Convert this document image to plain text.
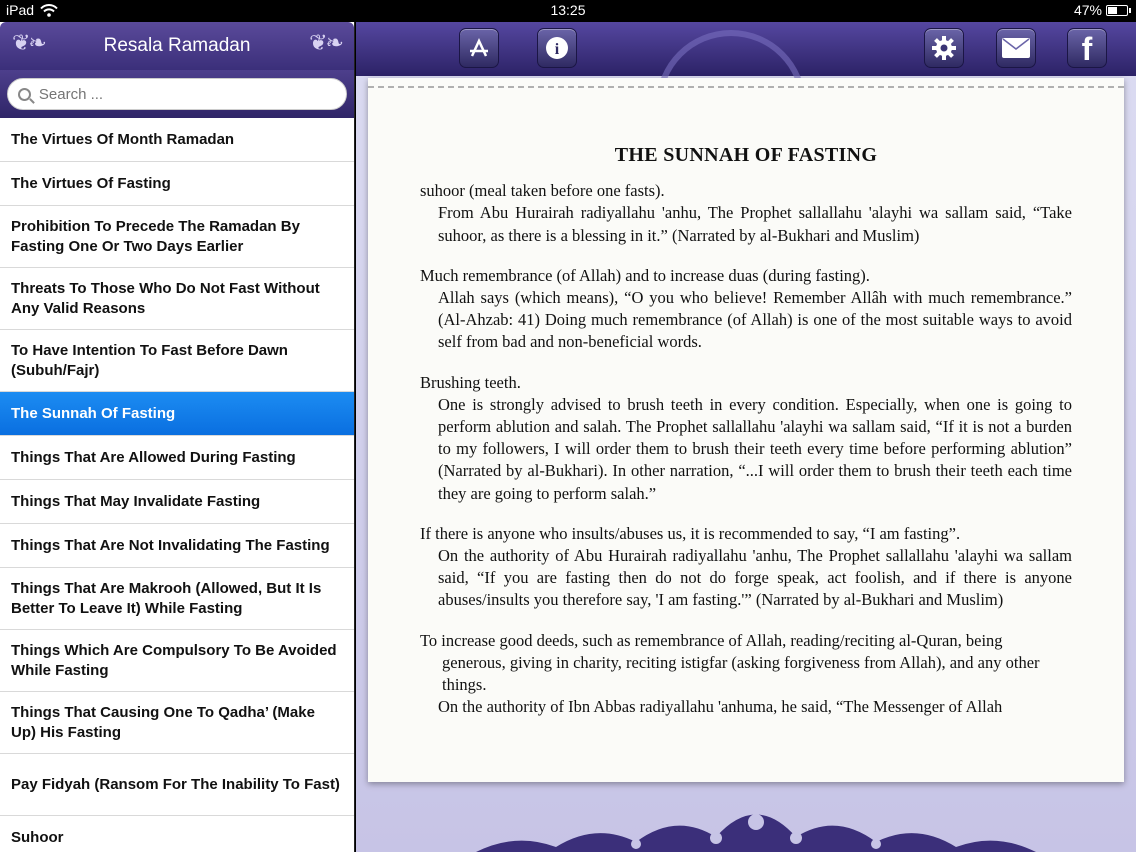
iPad	13:25	47%
❦❧	Resala Ramadan	❦❧
Search ...
The Virtues Of Month Ramadan
The Virtues Of Fasting
Prohibition To Precede The Ramadan By Fasting One Or Two Days Earlier
Threats To Those Who Do Not Fast Without Any Valid Reasons
To Have Intention To Fast Before Dawn (Subuh/Fajr)
The Sunnah Of Fasting
Things That Are Allowed During Fasting
Things That May Invalidate Fasting
Things That Are Not Invalidating The Fasting
Things That Are Makrooh (Allowed, But It Is Better To Leave It) While Fasting
Things Which Are Compulsory To Be Avoided While Fasting
Things That Causing One To Qadha’ (Make Up) His Fasting
Pay Fidyah (Ransom For The Inability To Fast)
Suhoor
i	f
THE SUNNAH OF FASTING

suhoor (meal taken before one fasts).

From Abu Hurairah radiyallahu 'anhu, The Prophet sallallahu 'alayhi wa sallam said, “Take suhoor, as there is a blessing in it.” (Narrated by al-Bukhari and Muslim)

Much remembrance (of Allah) and to increase duas (during fasting).

Allah says (which means), “O you who believe! Remember Allâh with much remembrance.” (Al-Ahzab: 41) Doing much remembrance (of Allah) is one of the most suitable ways to avoid self from bad and non-beneficial words.

Brushing teeth.

One is strongly advised to brush teeth in every condition. Especially, when one is going to perform ablution and salah. The Prophet sallallahu 'alayhi wa sallam said, “If it is not a burden to my followers, I will order them to brush their teeth every time before performing ablution” (Narrated by al-Bukhari). In other narration, “...I will order them to brush their teeth each time they are going to perform salah.”

If there is anyone who insults/abuses us, it is recommended to say, “I am fasting”.

On the authority of Abu Hurairah radiyallahu 'anhu, The Prophet sallallahu 'alayhi wa sallam said, “If you are fasting then do not do forge speak, act foolish, and if there is anyone abuses/insults you therefore say, 'I am fasting.'” (Narrated by al-Bukhari and Muslim)

To increase good deeds, such as remembrance of Allah, reading/reciting al-Quran, being

generous, giving in charity, reciting istigfar (asking forgiveness from Allah), and any other things.

On the authority of Ibn Abbas radiyallahu 'anhuma, he said, “The Messenger of Allah
